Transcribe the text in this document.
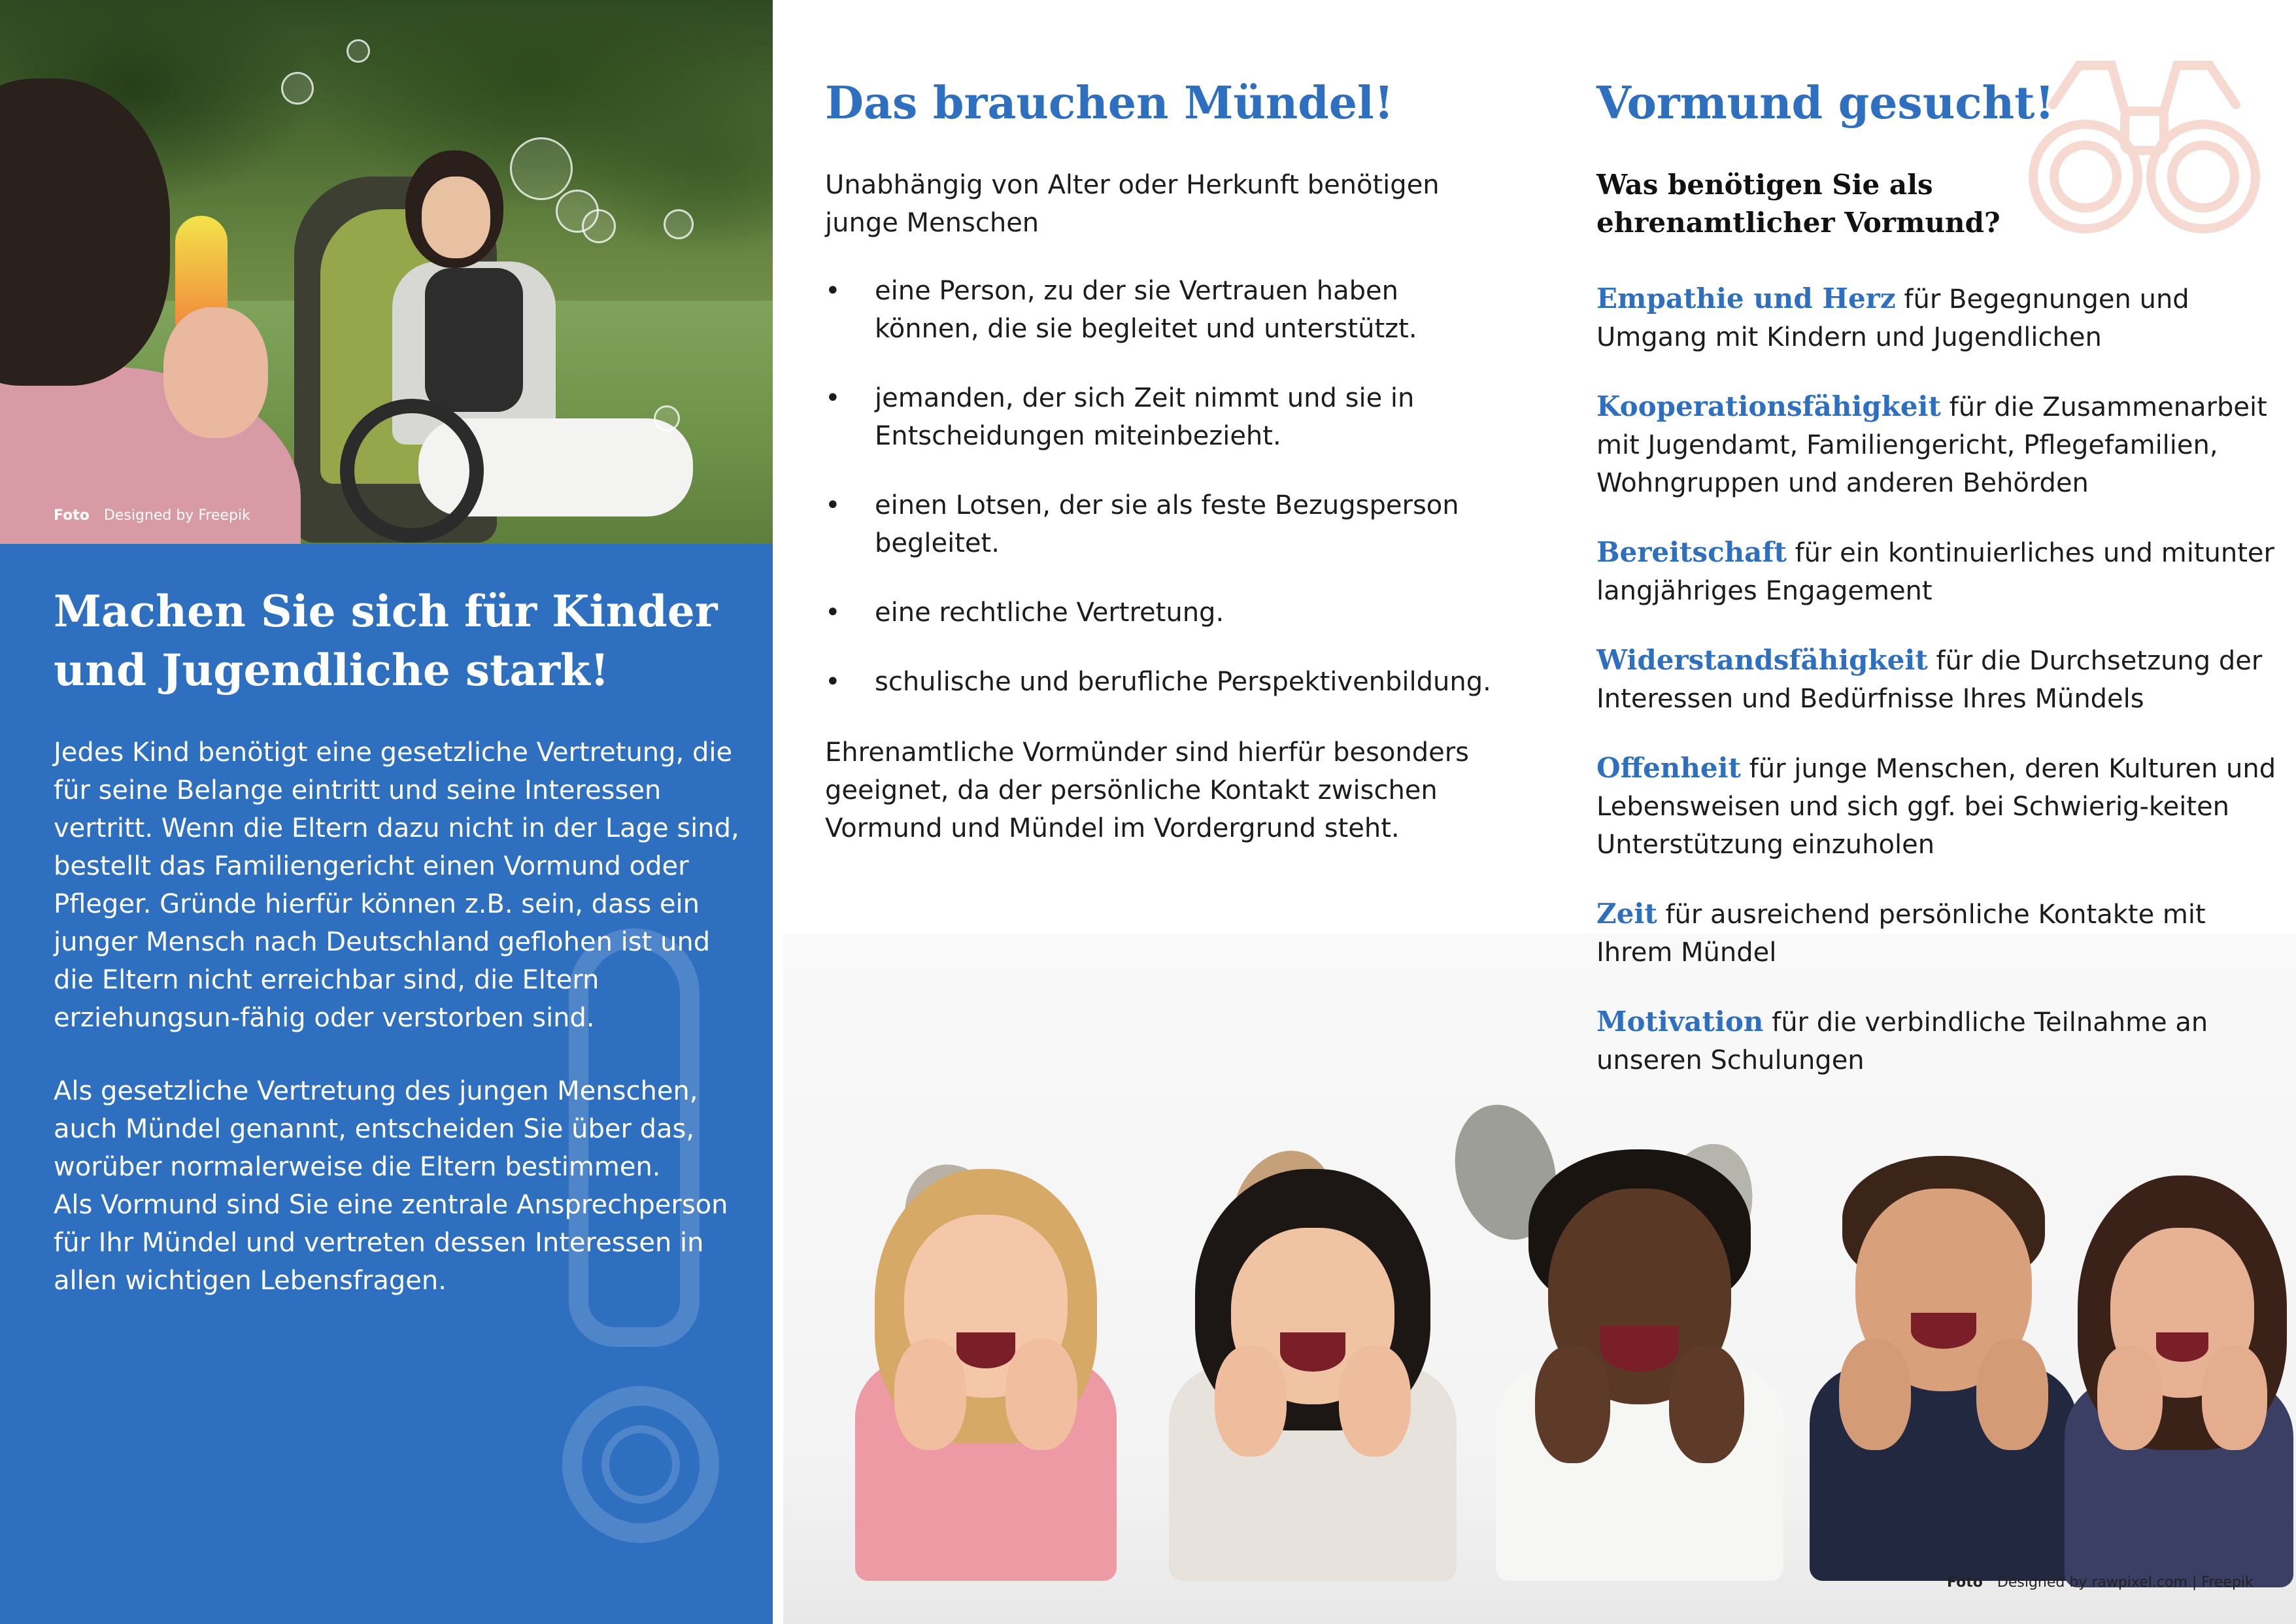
Foto Designed by Freepik
Machen Sie sich für Kinder
und Jugendliche stark!

Jedes Kind benötigt eine gesetzliche Vertretung, die für seine Belange eintritt und seine Interessen vertritt. Wenn die Eltern dazu nicht in der Lage sind, bestellt das Familiengericht einen Vormund oder Pfleger. Gründe hierfür können z.B. sein, dass ein junger Mensch nach Deutschland geflohen ist und die Eltern nicht erreichbar sind, die Eltern erziehungsun-fähig oder verstorben sind.

Als gesetzliche Vertretung des jungen Menschen, auch Mündel genannt, entscheiden Sie über das, worüber normalerweise die Eltern bestimmen.
Als Vormund sind Sie eine zentrale Ansprechperson für Ihr Mündel und vertreten dessen Interessen in allen wichtigen Lebensfragen.

Das brauchen Mündel!

Unabhängig von Alter oder Herkunft benötigen junge Menschen

• eine Person, zu der sie Vertrauen haben können, die sie begleitet und unterstützt.
• jemanden, der sich Zeit nimmt und sie in Entscheidungen miteinbezieht.
• einen Lotsen, der sie als feste Bezugsperson begleitet.
• eine rechtliche Vertretung.
• schulische und berufliche Perspektivenbildung.

Ehrenamtliche Vormünder sind hierfür besonders geeignet, da der persönliche Kontakt zwischen Vormund und Mündel im Vordergrund steht.

Foto Designed by rawpixel.com | Freepik
Vormund gesucht!

Was benötigen Sie als ehrenamtlicher Vormund?

Empathie und Herz für Begegnungen und Umgang mit Kindern und Jugendlichen

Kooperationsfähigkeit für die Zusammenarbeit mit Jugendamt, Familiengericht, Pflegefamilien, Wohngruppen und anderen Behörden

Bereitschaft für ein kontinuierliches und mitunter langjähriges Engagement

Widerstandsfähigkeit für die Durchsetzung der Interessen und Bedürfnisse Ihres Mündels

Offenheit für junge Menschen, deren Kulturen und Lebensweisen und sich ggf. bei Schwierig-keiten Unterstützung einzuholen

Zeit für ausreichend persönliche Kontakte mit Ihrem Mündel

Motivation für die verbindliche Teilnahme an unseren Schulungen
